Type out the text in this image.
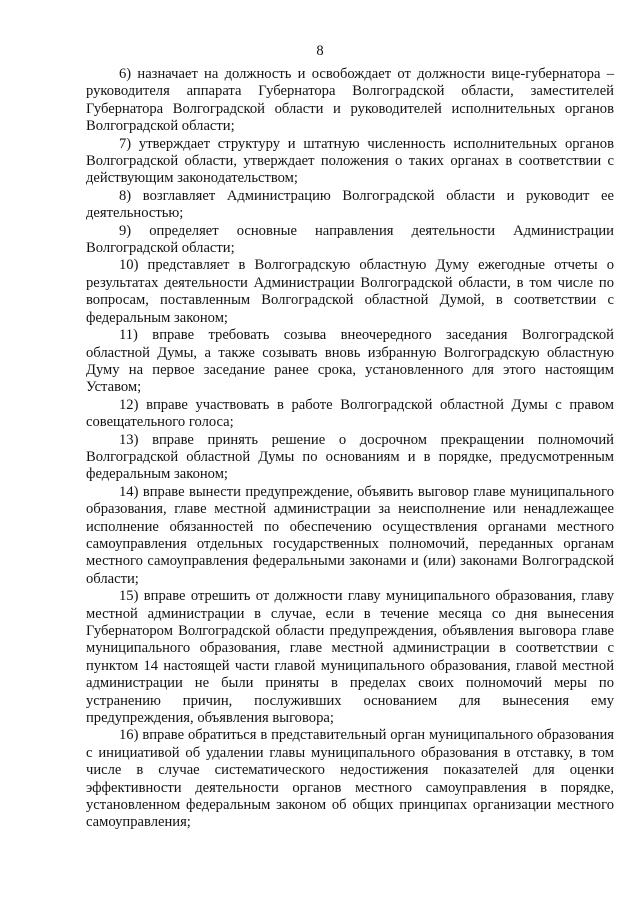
8

6) назначает на должность и освобождает от должности вице-губернатора – руководителя аппарата Губернатора Волгоградской области, заместителей Губернатора Волгоградской области и руководителей исполнительных органов Волгоградской области;

7) утверждает структуру и штатную численность исполнительных органов Волгоградской области, утверждает положения о таких органах в соответствии с действующим законодательством;

8) возглавляет Администрацию Волгоградской области и руководит ее деятельностью;

9) определяет основные направления деятельности Администрации Волгоградской области;

10) представляет в Волгоградскую областную Думу ежегодные отчеты о результатах деятельности Администрации Волгоградской области, в том числе по вопросам, поставленным Волгоградской областной Думой, в соответствии с федеральным законом;

11) вправе требовать созыва внеочередного заседания Волгоградской областной Думы, а также созывать вновь избранную Волгоградскую областную Думу на первое заседание ранее срока, установленного для этого настоящим Уставом;

12) вправе участвовать в работе Волгоградской областной Думы с правом совещательного голоса;

13) вправе принять решение о досрочном прекращении полномочий Волгоградской областной Думы по основаниям и в порядке, предусмотренным федеральным законом;

14) вправе вынести предупреждение, объявить выговор главе муниципального образования, главе местной администрации за неисполнение или ненадлежащее исполнение обязанностей по обеспечению осуществления органами местного самоуправления отдельных государственных полномочий, переданных органам местного самоуправления федеральными законами и (или) законами Волгоградской области;

15) вправе отрешить от должности главу муниципального образования, главу местной администрации в случае, если в течение месяца со дня вынесения Губернатором Волгоградской области предупреждения, объявления выговора главе муниципального образования, главе местной администрации в соответствии с пунктом 14 настоящей части главой муниципального образования, главой местной администрации не были приняты в пределах своих полномочий меры по устранению причин, послуживших основанием для вынесения ему предупреждения, объявления выговора;

16) вправе обратиться в представительный орган муниципального образования с инициативой об удалении главы муниципального образования в отставку, в том числе в случае систематического недостижения показателей для оценки эффективности деятельности органов местного самоуправления в порядке, установленном федеральным законом об общих принципах организации местного самоуправления;
